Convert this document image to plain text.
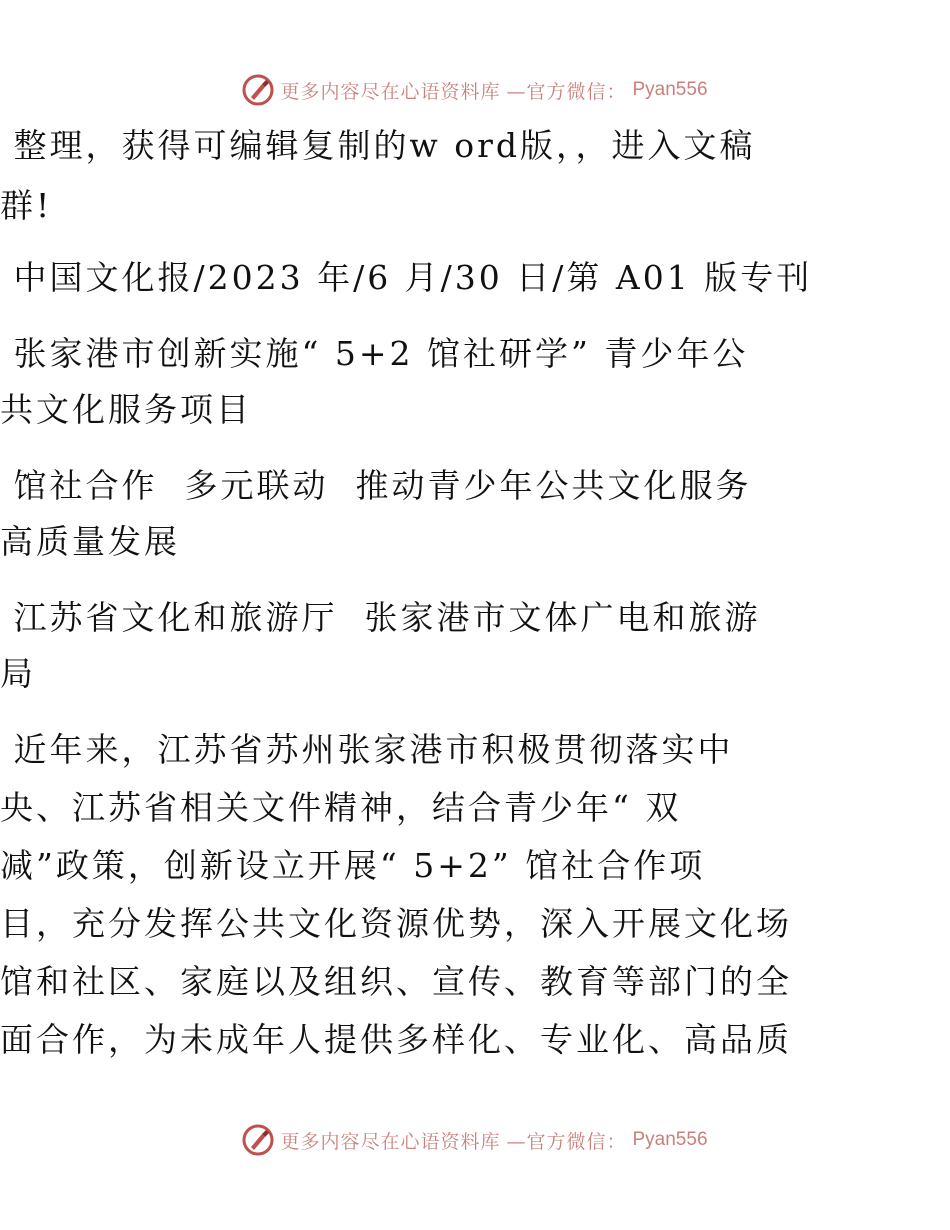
更多内容尽在心语资料库 —官方微信： Pyan556
整理，获得可编辑复制的w ord版，，进入文稿
群!
中国文化报/2023 年/6 月/30 日/第 A01 版专刊
张家港市创新实施“ 5+2 馆社研学” 青少年公
共文化服务项目
馆社合作  多元联动  推动青少年公共文化服务
高质量发展
江苏省文化和旅游厅  张家港市文体广电和旅游
局
近年来，江苏省苏州张家港市积极贯彻落实中
央、江苏省相关文件精神，结合青少年“ 双
减”政策，创新设立开展“ 5+2” 馆社合作项
目，充分发挥公共文化资源优势，深入开展文化场
馆和社区、家庭以及组织、宣传、教育等部门的全
面合作，为未成年人提供多样化、专业化、高品质
更多内容尽在心语资料库 —官方微信： Pyan556
